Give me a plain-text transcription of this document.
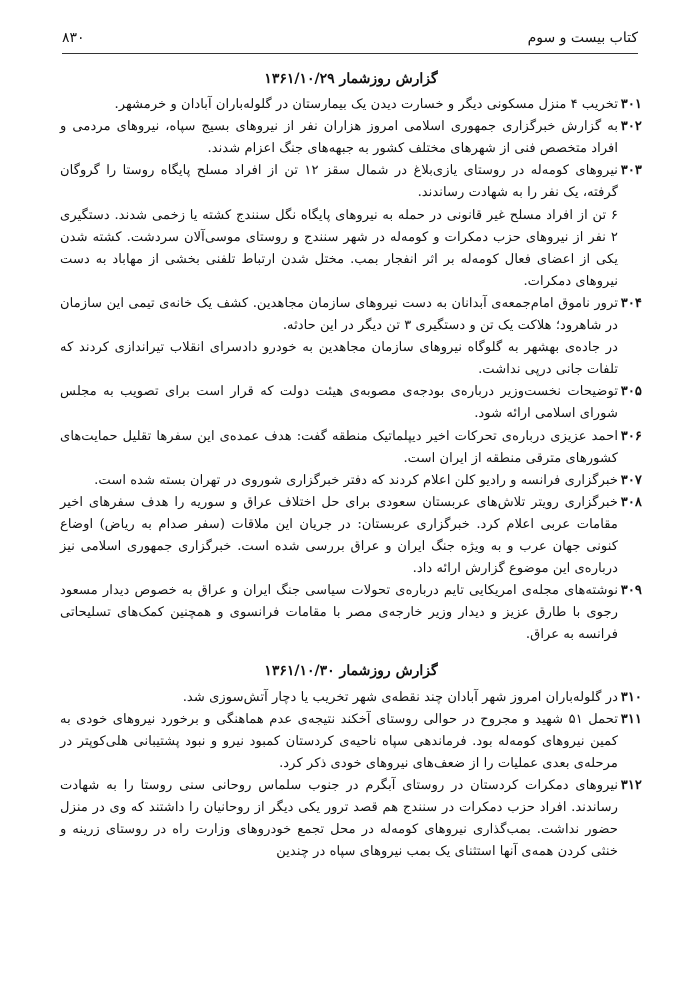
کتاب بیست و سوم
۸۳۰
گزارش روزشمار ۱۳۶۱/۱۰/۲۹
۳۰۱
تخریب ۴ منزل مسکونی دیگر و خسارت دیدن یک بیمارستان در گلوله‌باران آبادان و خرمشهر.
۳۰۲
به گزارش خبرگزاری جمهوری اسلامی امروز هزاران نفر از نیروهای بسیج سپاه، نیروهای مردمی و افراد متخصص فنی از شهرهای مختلف کشور به جبهه‌های جنگ اعزام شدند.
۳۰۳
نیروهای کومه‌له در روستای یازی‌بلاغ در شمال سقز ۱۲ تن از افراد مسلح پایگاه روستا را گروگان گرفته، یک نفر را به شهادت رساندند.
۶ تن از افراد مسلح غیر قانونی در حمله به نیروهای پایگاه نگل سنندج کشته یا زخمی شدند. دستگیری ۲ نفر از نیروهای حزب دمکرات و کومه‌له در شهر سنندج و روستای موسی‌آلان سردشت. کشته شدن یکی از اعضای فعال کومه‌له بر اثر انفجار بمب. مختل شدن ارتباط تلفنی بخشی از مهاباد به دست نیروهای دمکرات.
۳۰۴
ترور ناموق امام‌جمعه‌ی آبدانان به دست نیروهای سازمان مجاهدین. کشف یک خانه‌ی تیمی این سازمان در شاهرود؛ هلاکت یک تن و دستگیری ۳ تن دیگر در این حادثه.
در جاده‌ی بهشهر به گلوگاه نیروهای سازمان مجاهدین به خودرو دادسرای انقلاب تیراندازی کردند که تلفات جانی درپی نداشت.
۳۰۵
توضیحات نخست‌وزیر درباره‌ی بودجه‌ی مصوبه‌ی هیئت دولت که قرار است برای تصویب به مجلس شورای اسلامی ارائه شود.
۳۰۶
احمد عزیزی درباره‌ی تحرکات اخیر دیپلماتیک منطقه گفت: هدف عمده‌ی این سفرها تقلیل حمایت‌های کشورهای مترقی منطقه از ایران است.
۳۰۷
خبرگزاری فرانسه و رادیو کلن اعلام کردند که دفتر خبرگزاری شوروی در تهران بسته شده است.
۳۰۸
خبرگزاری رویتر تلاش‌های عربستان سعودی برای حل اختلاف عراق و سوریه را هدف سفرهای اخیر مقامات عربی اعلام کرد. خبرگزاری عربستان: در جریان این ملاقات (سفر صدام به ریاض) اوضاع کنونی جهان عرب و به ویژه جنگ ایران و عراق بررسی شده است. خبرگزاری جمهوری اسلامی نیز درباره‌ی این موضوع گزارش ارائه داد.
۳۰۹
نوشته‌های مجله‌ی امریکایی تایم درباره‌ی تحولات سیاسی جنگ ایران و عراق به خصوص دیدار مسعود رجوی با طارق عزیز و دیدار وزیر خارجه‌ی مصر با مقامات فرانسوی و همچنین کمک‌های تسلیحاتی فرانسه به عراق.
گزارش روزشمار ۱۳۶۱/۱۰/۳۰
۳۱۰
در گلوله‌باران امروز شهر آبادان چند نقطه‌ی شهر تخریب یا دچار آتش‌سوزی شد.
۳۱۱
تحمل ۵۱ شهید و مجروح در حوالی روستای آخکند نتیجه‌ی عدم هماهنگی و برخورد نیروهای خودی به کمین نیروهای کومه‌له بود. فرماندهی سپاه ناحیه‌ی کردستان کمبود نیرو و نبود پشتیبانی هلی‌کوپتر در مرحله‌ی بعدی عملیات را از ضعف‌های نیروهای خودی ذکر کرد.
۳۱۲
نیروهای دمکرات کردستان در روستای آبگرم در جنوب سلماس روحانی سنی روستا را به شهادت رساندند. افراد حزب دمکرات در سنندج هم قصد ترور یکی دیگر از روحانیان را داشتند که وی در منزل حضور نداشت. بمب‌گذاری نیروهای کومه‌له در محل تجمع خودروهای وزارت راه در روستای زرینه و خنثی کردن همه‌ی آنها استثنای یک بمب نیروهای سپاه در چندین
